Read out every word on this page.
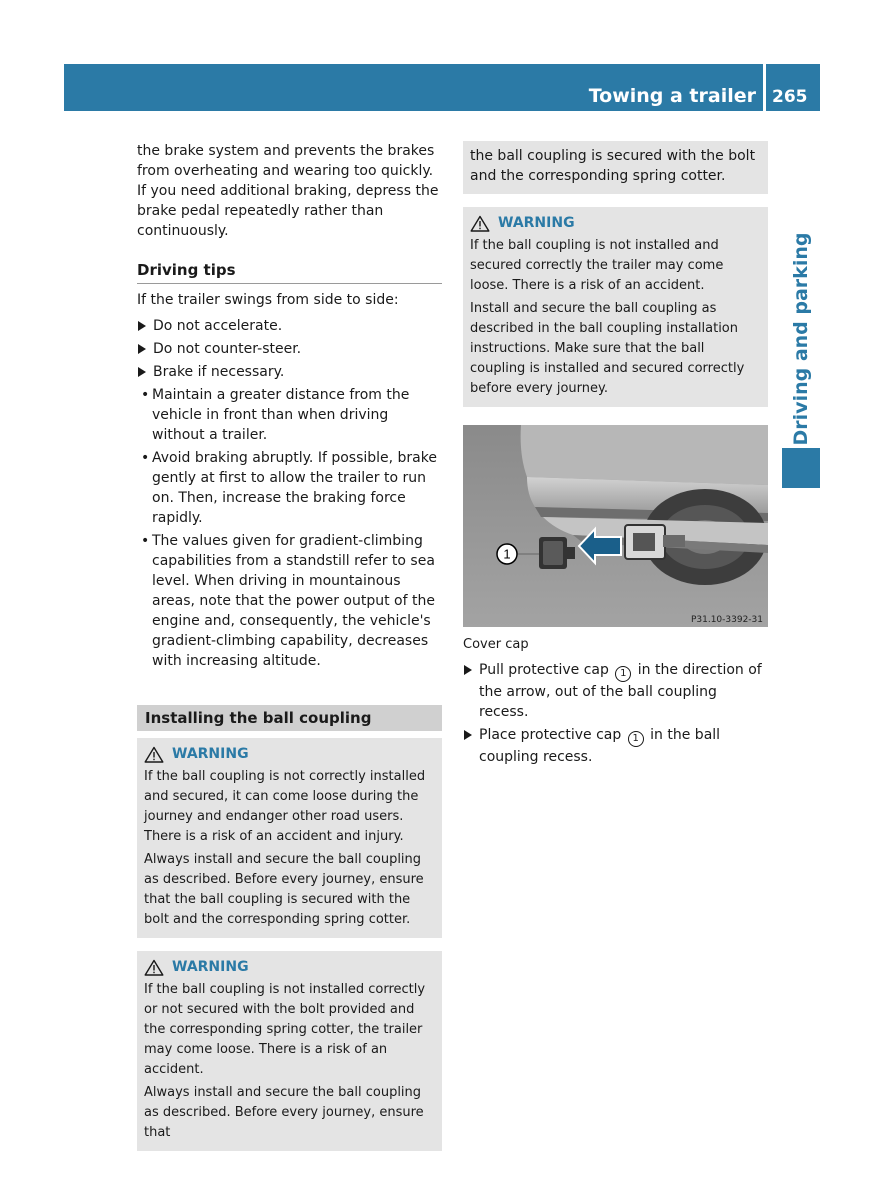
Towing a trailer 265
Driving and parking

the brake system and prevents the brakes from overheating and wearing too quickly. If you need additional braking, depress the brake pedal repeatedly rather than continuously.

Driving tips

If the trailer swings from side to side:

Do not accelerate.
Do not counter-steer.
Brake if necessary.
• Maintain a greater distance from the vehicle in front than when driving without a trailer.
• Avoid braking abruptly. If possible, brake gently at first to allow the trailer to run on. Then, increase the braking force rapidly.
• The values given for gradient-climbing capabilities from a standstill refer to sea level. When driving in mountainous areas, note that the power output of the engine and, consequently, the vehicle's gradient-climbing capability, decreases with increasing altitude.
Installing the ball coupling
WARNING

If the ball coupling is not correctly installed and secured, it can come loose during the journey and endanger other road users. There is a risk of an accident and injury.

Always install and secure the ball coupling as described. Before every journey, ensure that the ball coupling is secured with the bolt and the corresponding spring cotter.

WARNING

If the ball coupling is not installed correctly or not secured with the bolt provided and the corresponding spring cotter, the trailer may come loose. There is a risk of an accident.

Always install and secure the ball coupling as described. Before every journey, ensure that

the ball coupling is secured with the bolt and the corresponding spring cotter.

WARNING

If the ball coupling is not installed and secured correctly the trailer may come loose. There is a risk of an accident.

Install and secure the ball coupling as described in the ball coupling installation instructions. Make sure that the ball coupling is installed and secured correctly before every journey.

1
P31.10-3392-31

Cover cap

Pull protective cap 1 in the direction of the arrow, out of the ball coupling recess.
Place protective cap 1 in the ball coupling recess.
